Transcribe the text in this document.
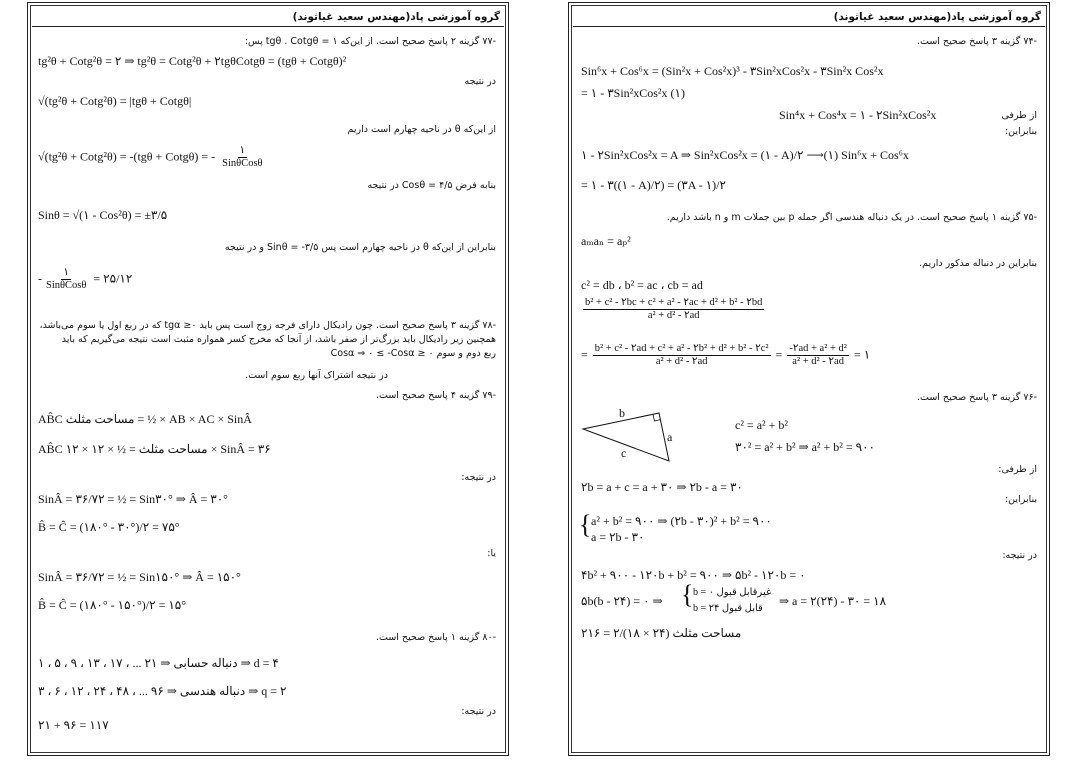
گروه آموزشی پاد(مهندس سعید غیاثوند)
-۷۷ گزینه ۲ پاسخ صحیح است. از این‌که ۱ = tgθ . Cotgθ پس:
tg²θ + Cotg²θ = ۲ ⇒ tg²θ = Cotg²θ + ۲tgθCotgθ = (tgθ + Cotgθ)²
در نتیجه
√(tg²θ + Cotg²θ) = |tgθ + Cotgθ|
از این‌که θ در ناحیه چهارم است داریم
√(tg²θ + Cotg²θ) = -(tgθ + Cotgθ) = - $\frac{۱}{\text{SinθCosθ}}$
بنابه فرض Cosθ = ۴/۵ در نتیجه
Sinθ = √(۱ - Cos²θ) = ±۳/۵
بنابراین از این‌که θ در ناحیه چهارم است پس Sinθ = -۳/۵ و در نتیجه
- $\frac{۱}{\text{SinθCosθ}}$ = ۲۵/۱۲
-۷۸ گزینه ۳ پاسخ صحیح است. چون رادیکال دارای فرجه زوج است پس باید tgα ≥۰ که در ربع اول یا سوم می‌باشد،
همچنین زیر رادیکال باید بزرگ‌تر از صفر باشد، از آنجا که مخرج کسر همواره مثبت است نتیجه می‌گیریم که باید
ربع دوم و سوم ۰ ≤ Cosα ⇒ ۰ ≤ -Cosα
در نتیجه اشتراک آنها ربع سوم است.
-۷۹ گزینه ۴ پاسخ صحیح است.
AB̂C مساحت مثلث = ½ × AB × AC × SinÂ
AB̂C مساحت مثلث = ½ × ۱۲ × ۱۲ × SinÂ = ۳۶
در نتیجه:
SinÂ = ۳۶/۷۲ = ½ = Sin۳۰° ⇒ Â = ۳۰°
B̂ = Ĉ = (۱۸۰° - ۳۰°)/۲ = ۷۵°
یا:
SinÂ = ۳۶/۷۲ = ½ = Sin۱۵۰° ⇒ Â = ۱۵۰°
B̂ = Ĉ = (۱۸۰° - ۱۵۰°)/۲ = ۱۵°
-۸۰ گزینه ۱ پاسخ صحیح است.
۱ ، ۵ ، ۹ ، ۱۳ ، ۱۷ ، ... ۲۱ ⇒ دنباله حسابی ⇒ d = ۴
۳ ، ۶ ، ۱۲ ، ۲۴ ، ۴۸ ، ... ۹۶ ⇒ دنباله هندسی ⇒ q = ۲
در نتیجه:
۲۱ + ۹۶ = ۱۱۷
گروه آموزشی پاد(مهندس سعید غیاثوند)
-۷۴ گزینه ۳ پاسخ صحیح است.
Sin⁶x + Cos⁶x = (Sin²x + Cos²x)³ - ۳Sin²xCos²x - ۳Sin²x Cos²x
= ۱ - ۳Sin²xCos²x (۱)
Sin⁴x + Cos⁴x = ۱ - ۲Sin²xCos²x	از طرفی
بنابراین:
۱ - ۲Sin²xCos²x = A ⇒ Sin²xCos²x = (۱ - A)/۲ ⟶(۱) Sin⁶x + Cos⁶x
= ۱ - ۳((۱ - A)/۲) = (۳A - ۱)/۲
-۷۵ گزینه ۱ پاسخ صحیح است. در یک دنباله هندسی اگر جمله p بین جملات m و n باشد داریم.
aₘaₙ = aₚ²
بنابراین در دنباله مذکور داریم.
c² = db ، b² = ac ، cb = ad
$\frac{\text{b² + c² - ۲bc + c² + a² - ۲ac + d² + b² - ۲bd}}{\text{a² + d² - ۲ad}}$
= $\frac{\text{b² + c² - ۲ad + c² + a² - ۲b² + d² + b² - ۲c²}}{\text{a² + d² - ۲ad}} = \frac{\text{-۲ad + a² + d²}}{\text{a² + d² - ۲ad}}$ = ۱
-۷۶ گزینه ۳ پاسخ صحیح است.
b
a
c
c² = a² + b²
۳۰² = a² + b² ⇒ a² + b² = ۹۰۰
از طرفی:
۲b = a + c = a + ۳۰ ⇒ ۲b - a = ۳۰
بنابراین:
{ a² + b² = ۹۰۰ ⇒ (۲b - ۳۰)² + b² = ۹۰۰
a = ۲b - ۳۰
در نتیجه:
۴b² + ۹۰۰ - ۱۲۰b + b² = ۹۰۰ ⇒ ۵b² - ۱۲۰b = ۰
۵b(b - ۲۴) = ۰ ⇒ { b = ۰ غیرقابل قبول
b = ۲۴ قابل قبول
⇒ a = ۲(۲۴) - ۳۰ = ۱۸
مساحت مثلث (۲۴ × ۱۸)/۲ = ۲۱۶
